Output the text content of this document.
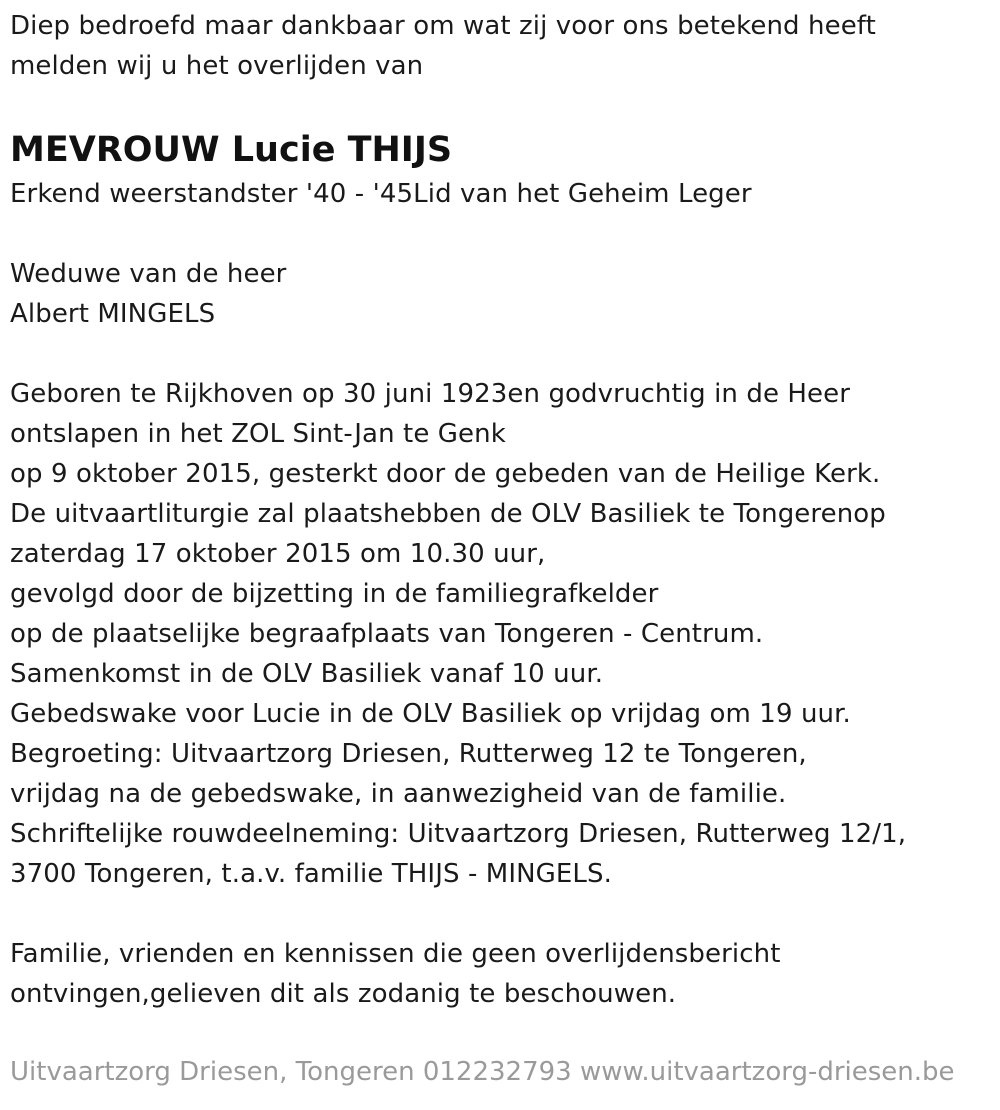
Diep bedroefd maar dankbaar om wat zij voor ons betekend heeft
melden wij u het overlijden van
MEVROUW Lucie THIJS
Erkend weerstandster '40 - '45Lid van het Geheim Leger
Weduwe van de heer
Albert MINGELS
Geboren te Rijkhoven op 30 juni 1923en godvruchtig in de Heer
ontslapen in het ZOL Sint-Jan te Genk
op 9 oktober 2015, gesterkt door de gebeden van de Heilige Kerk.
De uitvaartliturgie zal plaatshebben de OLV Basiliek te Tongerenop
zaterdag 17 oktober 2015 om 10.30 uur,
gevolgd door de bijzetting in de familiegrafkelder
op de plaatselijke begraafplaats van Tongeren - Centrum.
Samenkomst in de OLV Basiliek vanaf 10 uur.
Gebedswake voor Lucie in de OLV Basiliek op vrijdag om 19 uur.
Begroeting: Uitvaartzorg Driesen, Rutterweg 12 te Tongeren,
vrijdag na de gebedswake, in aanwezigheid van de familie.
Schriftelijke rouwdeelneming: Uitvaartzorg Driesen, Rutterweg 12/1,
3700 Tongeren, t.a.v. familie THIJS - MINGELS.
Familie, vrienden en kennissen die geen overlijdensbericht
ontvingen,gelieven dit als zodanig te beschouwen.
Uitvaartzorg Driesen, Tongeren 012232793 www.uitvaartzorg-driesen.be
